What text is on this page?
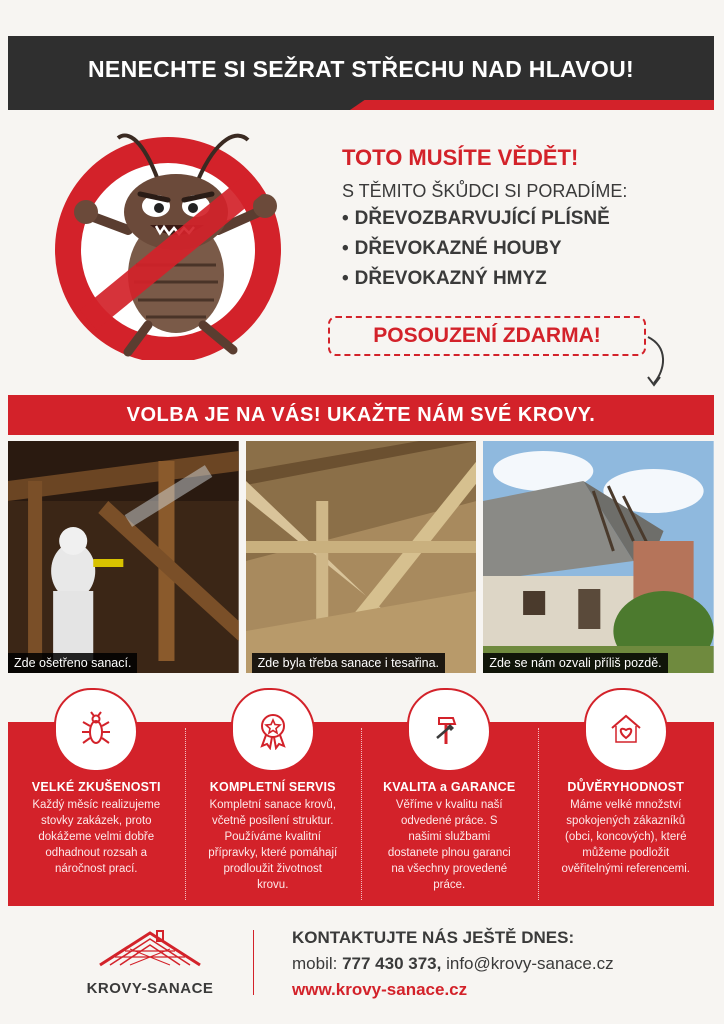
NENECHTE SI SEŽRAT STŘECHU NAD HLAVOU!
TOTO MUSÍTE VĚDĚT!
S TĚMITO ŠKŮDCI SI PORADÍME:
• DŘEVOZBARVUJÍCÍ PLÍSNĚ
• DŘEVOKAZNÉ HOUBY
• DŘEVOKAZNÝ HMYZ
POSOUZENÍ ZDARMA!
VOLBA JE NA VÁS! UKAŽTE NÁM SVÉ KROVY.
Zde ošetřeno sanací.	Zde byla třeba sanace i tesařina.	Zde se nám ozvali příliš pozdě.
VELKÉ ZKUŠENOSTI

Každý měsíc realizujeme stovky zakázek, proto dokážeme velmi dobře odhadnout rozsah a náročnost prací.

KOMPLETNÍ SERVIS

Kompletní sanace krovů, včetně posílení struktur. Používáme kvalitní přípravky, které pomáhají prodloužit životnost krovu.

KVALITA a GARANCE

Věříme v kvalitu naší odvedené práce. S našimi službami dostanete plnou garanci na všechny provedené práce.

DŮVĚRYHODNOST

Máme velké množství spokojených zákazníků (obci, koncových), které můžeme podložit ověřitelnými referencemi.

KROVY-SANACE
KONTAKTUJTE NÁS JEŠTĚ DNES:
mobil: 777 430 373, info@krovy-sanace.cz
www.krovy-sanace.cz
